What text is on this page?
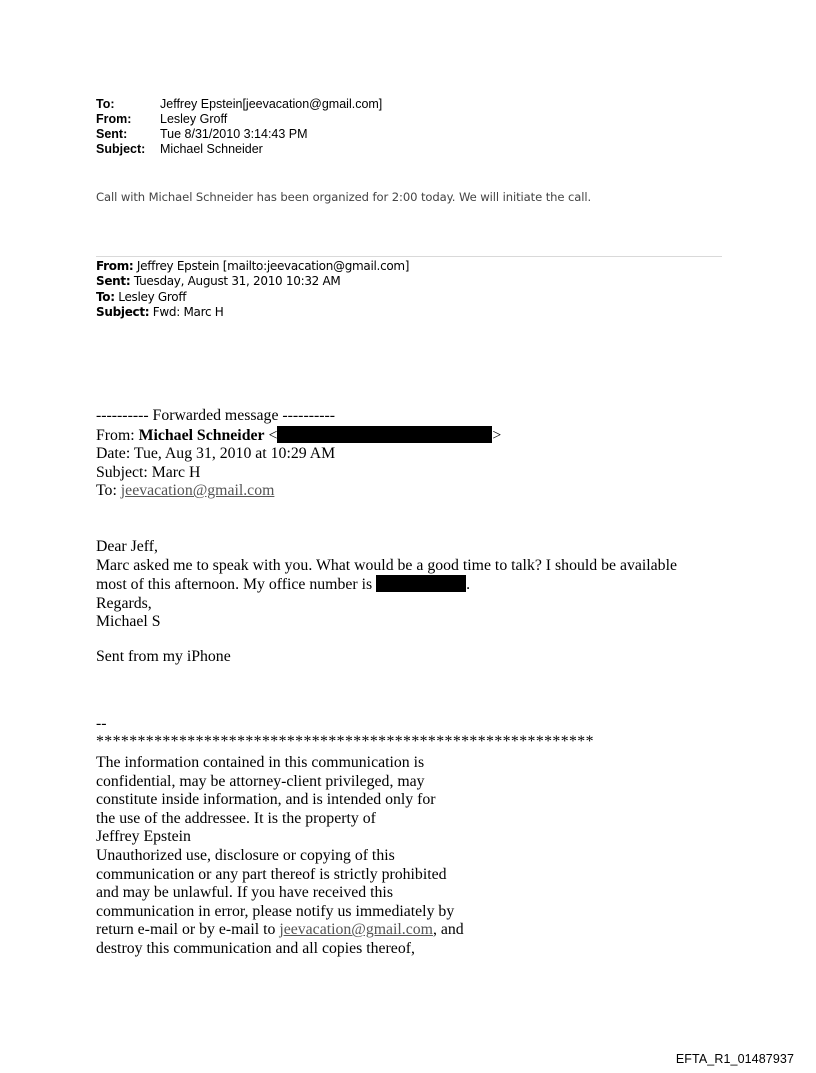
To:	Jeffrey Epstein[jeevacation@gmail.com]
From:	Lesley Groff
Sent:	Tue 8/31/2010 3:14:43 PM
Subject:	Michael Schneider
Call with Michael Schneider has been organized for 2:00 today. We will initiate the call.
From: Jeffrey Epstein [mailto:jeevacation@gmail.com]
Sent: Tuesday, August 31, 2010 10:32 AM
To: Lesley Groff
Subject: Fwd: Marc H
---------- Forwarded message ----------
From: Michael Schneider <	>
Date: Tue, Aug 31, 2010 at 10:29 AM
Subject: Marc H
To: jeevacation@gmail.com
Dear Jeff,
Marc asked me to speak with you. What would be a good time to talk? I should be available
most of this afternoon. My office number is	.
Regards,
Michael S
Sent from my iPhone
--
************************************************************
The information contained in this communication is
confidential, may be attorney-client privileged, may
constitute inside information, and is intended only for
the use of the addressee. It is the property of
Jeffrey Epstein
Unauthorized use, disclosure or copying of this
communication or any part thereof is strictly prohibited
and may be unlawful. If you have received this
communication in error, please notify us immediately by
return e-mail or by e-mail to jeevacation@gmail.com, and
destroy this communication and all copies thereof,
EFTA_R1_01487937
